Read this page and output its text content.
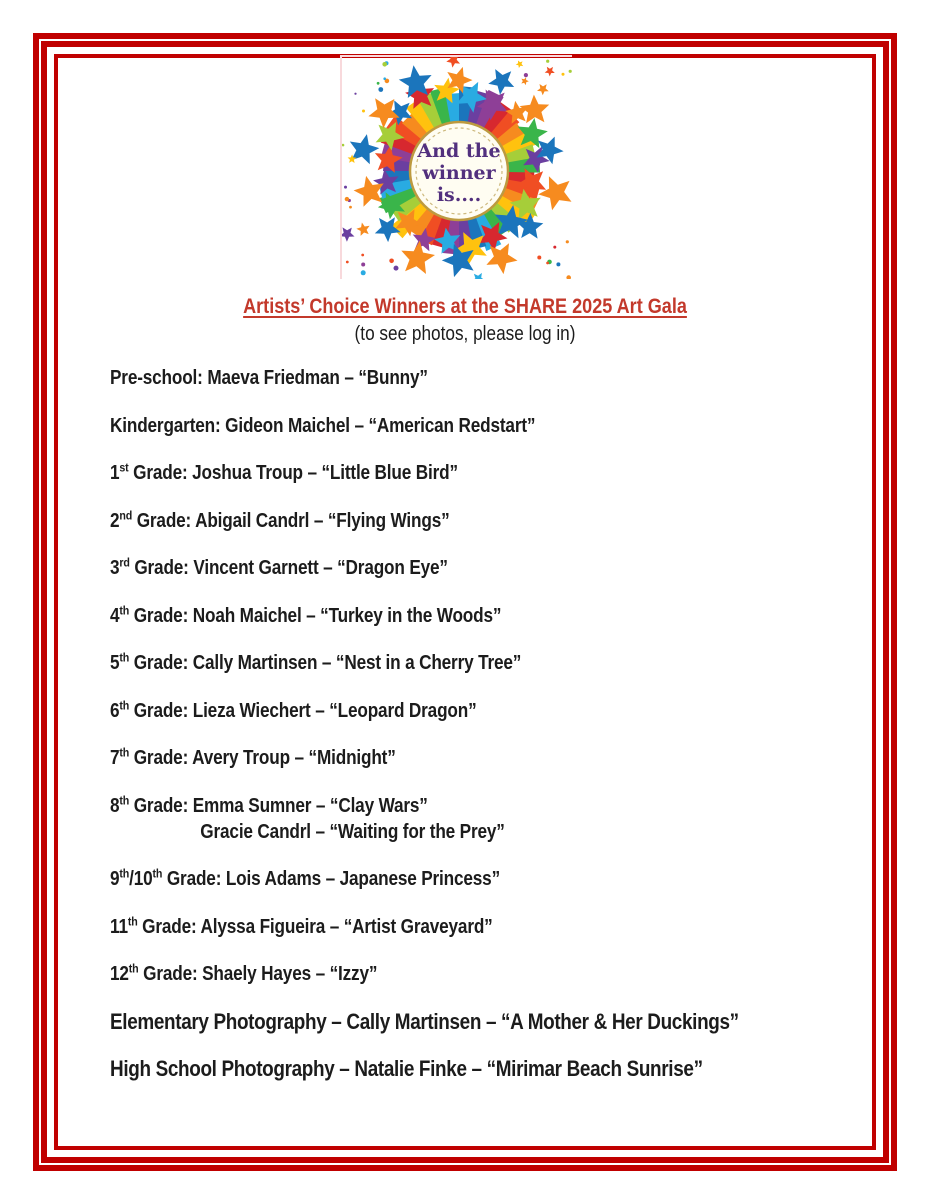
And the
winner
is....
Artists’ Choice Winners at the SHARE 2025 Art Gala
(to see photos, please log in)
Pre-school: Maeva Friedman – “Bunny”
Kindergarten: Gideon Maichel – “American Redstart”
1st Grade: Joshua Troup – “Little Blue Bird”
2nd Grade: Abigail Candrl – “Flying Wings”
3rd Grade: Vincent Garnett – “Dragon Eye”
4th Grade: Noah Maichel – “Turkey in the Woods”
5th Grade: Cally Martinsen – “Nest in a Cherry Tree”
6th Grade: Lieza Wiechert – “Leopard Dragon”
7th Grade: Avery Troup – “Midnight”
8th Grade: Emma Sumner – “Clay Wars”
Gracie Candrl – “Waiting for the Prey”
9th/10th Grade: Lois Adams – Japanese Princess”
11th Grade: Alyssa Figueira – “Artist Graveyard”
12th Grade: Shaely Hayes – “Izzy”
Elementary Photography – Cally Martinsen – “A Mother & Her Duckings”
High School Photography – Natalie Finke – “Mirimar Beach Sunrise”
